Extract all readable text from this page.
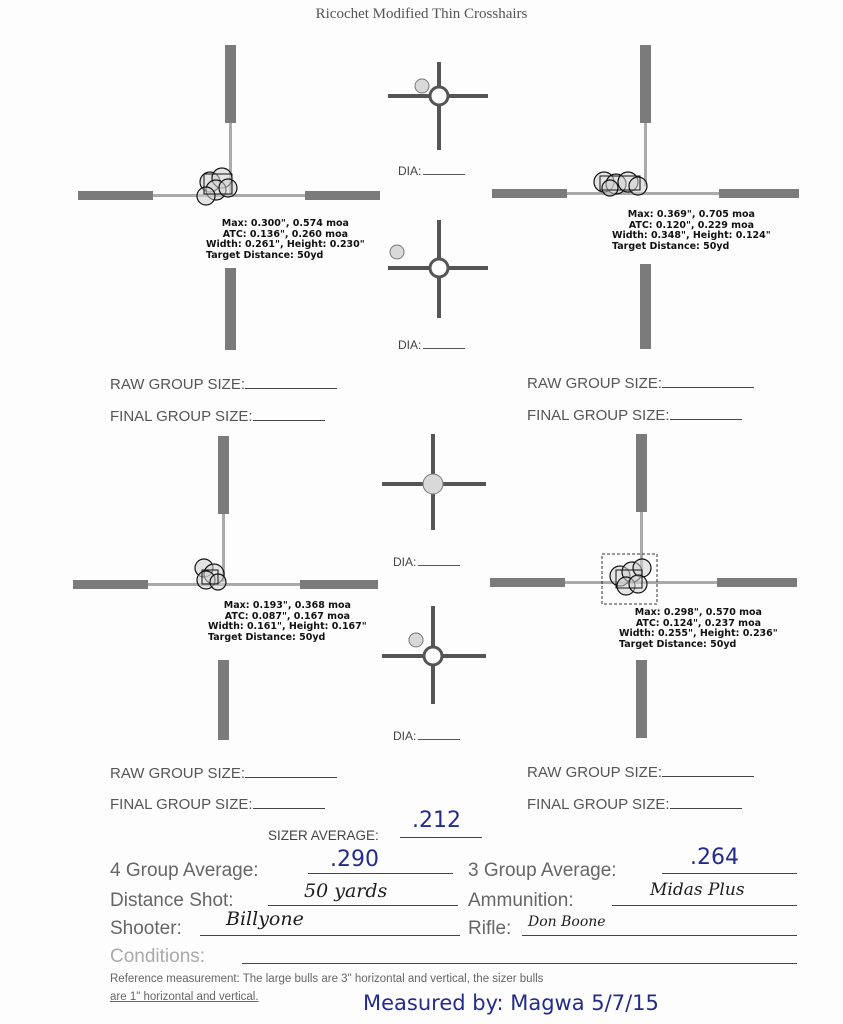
Ricochet Modified Thin Crosshairs
Max: 0.300", 0.574 moa
ATC: 0.136", 0.260 moa
Width: 0.261", Height: 0.230"
Target Distance: 50yd
Max: 0.369", 0.705 moa
ATC: 0.120", 0.229 moa
Width: 0.348", Height: 0.124"
Target Distance: 50yd
Max: 0.193", 0.368 moa
ATC: 0.087", 0.167 moa
Width: 0.161", Height: 0.167"
Target Distance: 50yd
Max: 0.298", 0.570 moa
ATC: 0.124", 0.237 moa
Width: 0.255", Height: 0.236"
Target Distance: 50yd
DIA:
DIA:
DIA:
DIA:
RAW GROUP SIZE:
FINAL GROUP SIZE:
RAW GROUP SIZE:
FINAL GROUP SIZE:
RAW GROUP SIZE:
FINAL GROUP SIZE:
RAW GROUP SIZE:
FINAL GROUP SIZE:
SIZER AVERAGE:
.212
4 Group Average:	.290	3 Group Average:
.264
Distance Shot:	50 yards	Ammunition:	Midas Plus
Shooter: Billyone	Rifle: Don Boone
Conditions:
Reference measurement: The large bulls are 3" horizontal and vertical, the sizer bulls
are 1" horizontal and vertical.	Measured by: Magwa 5/7/15
